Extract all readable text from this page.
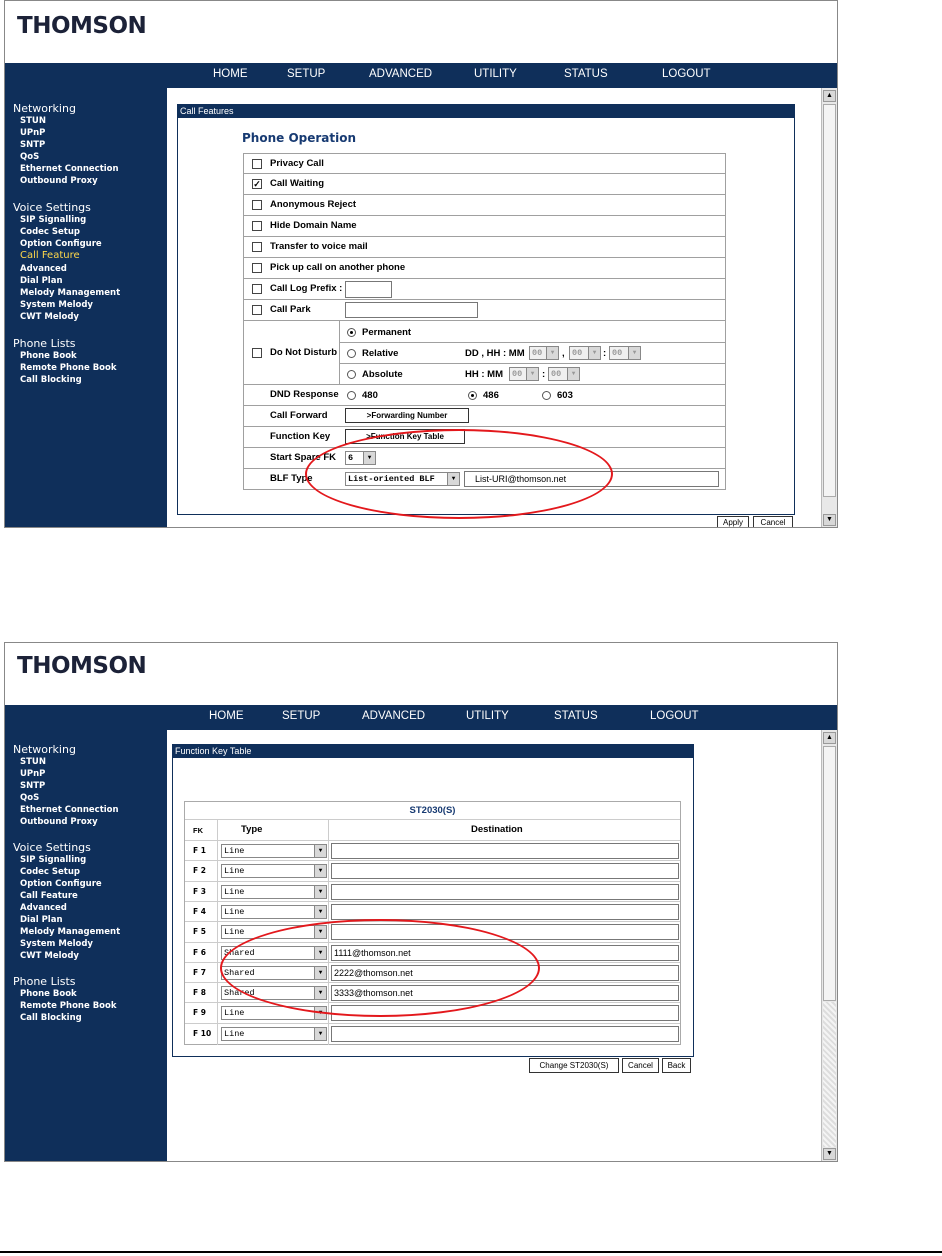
THOMSON
HOME	SETUP	ADVANCED	UTILITY	STATUS	LOGOUT
Networking
STUN
UPnP
SNTP
QoS
Ethernet Connection
Outbound Proxy
Voice Settings
SIP Signalling
Codec Setup
Option Configure
Call Feature
Advanced
Dial Plan
Melody Management
System Melody
CWT Melody
Phone Lists
Phone Book
Remote Phone Book
Call Blocking
Call Features
Phone Operation
Privacy Call
✓ Call Waiting
Anonymous Reject
Hide Domain Name
Transfer to voice mail
Pick up call on another phone
Call Log Prefix :
Call Park
Do Not Disturb
Permanent
Relative	DD , HH : MM 00	▼ , 00	▼ : 00	▼
Absolute	HH : MM	00	▼ : 00	▼
DND Response 480	486	603
Call Forward	>Forwarding Number
Function Key	>Function Key Table
Start Spare FK	6	▼
BLF Type	List-oriented BLF	▼	List-URI@thomson.net
Apply	Cancel
▲
▼
THOMSON
HOME	SETUP	ADVANCED	UTILITY	STATUS	LOGOUT
Networking
STUN
UPnP
SNTP
QoS
Ethernet Connection
Outbound Proxy
Voice Settings
SIP Signalling
Codec Setup
Option Configure
Call Feature
Advanced
Dial Plan
Melody Management
System Melody
CWT Melody
Phone Lists
Phone Book
Remote Phone Book
Call Blocking
Function Key Table
ST2030(S)
FK	Type	Destination
F 1	Line	▼
F 2	Line	▼
F 3	Line	▼
F 4	Line	▼
F 5	Line	▼
F 6	Shared	▼	1111@thomson.net
F 7	Shared	▼	2222@thomson.net
F 8	Shared	▼	3333@thomson.net
F 9	Line	▼
F 10	Line	▼
Change ST2030(S)	Cancel	Back
▲
▼
